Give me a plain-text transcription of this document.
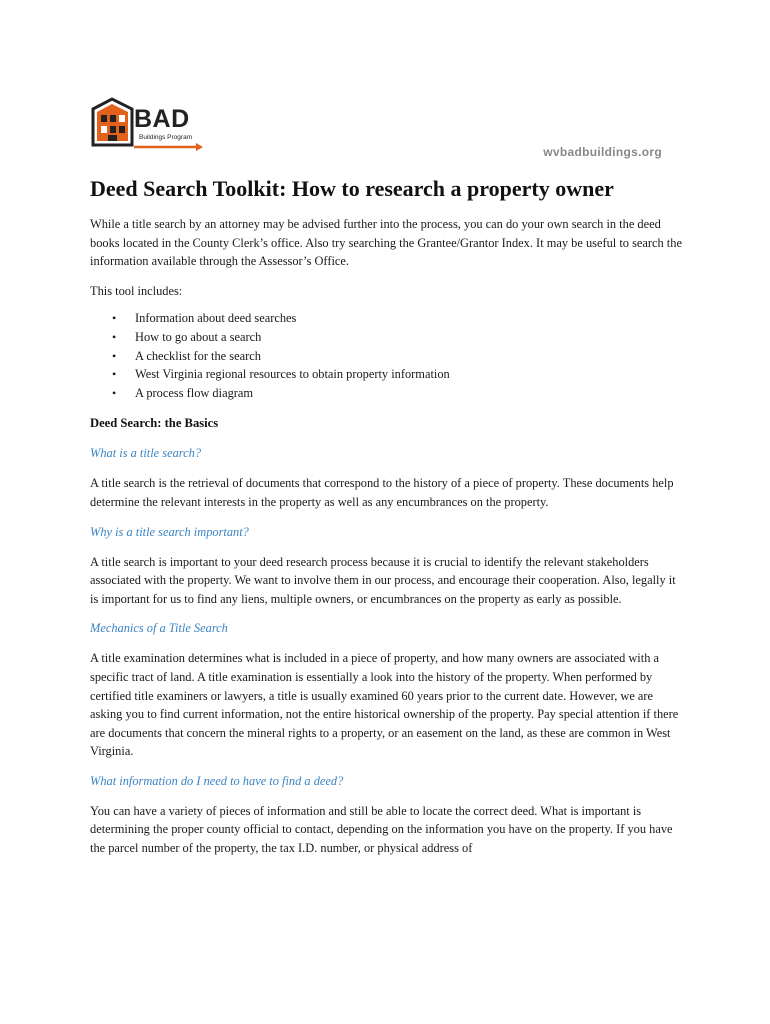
BAD
Buildings Program
wvbadbuildings.org
Deed Search Toolkit: How to research a property owner

While a title search by an attorney may be advised further into the process, you can do your own search in the deed books located in the County Clerk’s office. Also try searching the Grantee/Grantor Index. It may be useful to search the information available through the Assessor’s Office.

This tool includes:

• Information about deed searches
• How to go about a search
• A checklist for the search
• West Virginia regional resources to obtain property information
• A process flow diagram
Deed Search: the Basics
What is a title search?

A title search is the retrieval of documents that correspond to the history of a piece of property. These documents help determine the relevant interests in the property as well as any encumbrances on the property.

Why is a title search important?

A title search is important to your deed research process because it is crucial to identify the relevant stakeholders associated with the property. We want to involve them in our process, and encourage their cooperation. Also, legally it is important for us to find any liens, multiple owners, or encumbrances on the property as early as possible.

Mechanics of a Title Search

A title examination determines what is included in a piece of property, and how many owners are associated with a specific tract of land. A title examination is essentially a look into the history of the property. When performed by certified title examiners or lawyers, a title is usually examined 60 years prior to the current date. However, we are asking you to find current information, not the entire historical ownership of the property. Pay special attention if there are documents that concern the mineral rights to a property, or an easement on the land, as these are common in West Virginia.

What information do I need to have to find a deed?

You can have a variety of pieces of information and still be able to locate the correct deed. What is important is determining the proper county official to contact, depending on the information you have on the property. If you have the parcel number of the property, the tax I.D. number, or physical address of
